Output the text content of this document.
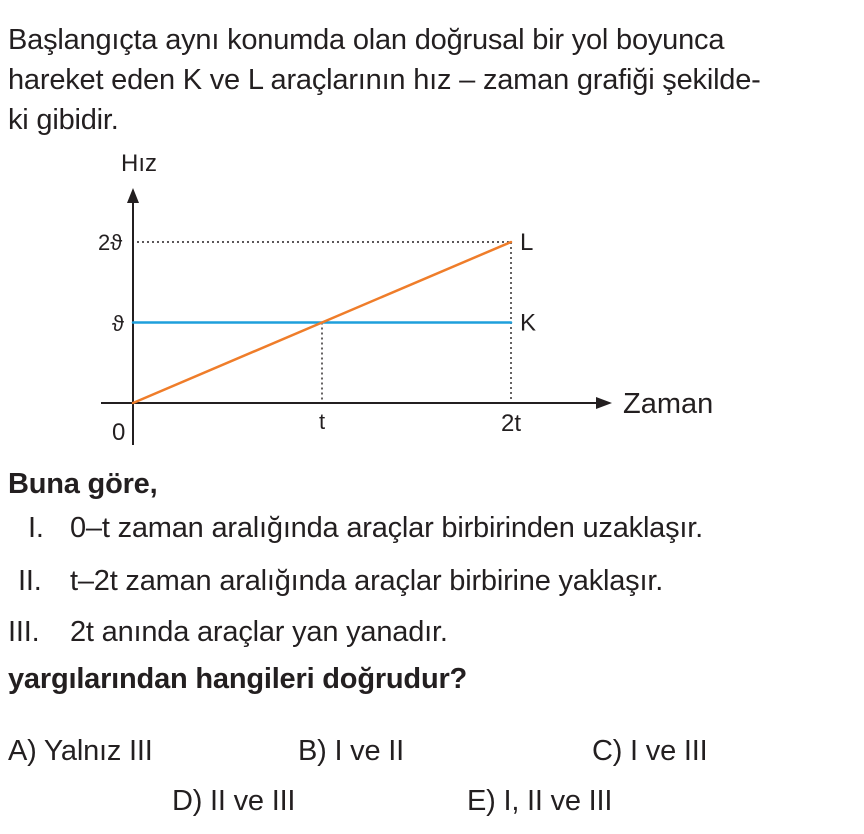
Başlangıçta aynı konumda olan doğrusal bir yol boyunca
hareket eden K ve L araçlarının hız – zaman grafiği şekilde-
ki gibidir.

Hız
Zaman
0	t	2t
ϑ
2ϑ
K
L

Buna göre,

I. 0–t zaman aralığında araçlar birbirinden uzaklaşır.
II. t–2t zaman aralığında araçlar birbirine yaklaşır.
III. 2t anında araçlar yan yanadır.

yargılarından hangileri doğrudur?

A) Yalnız III	B) I ve II	C) I ve III
D) II ve III	E) I, II ve III
